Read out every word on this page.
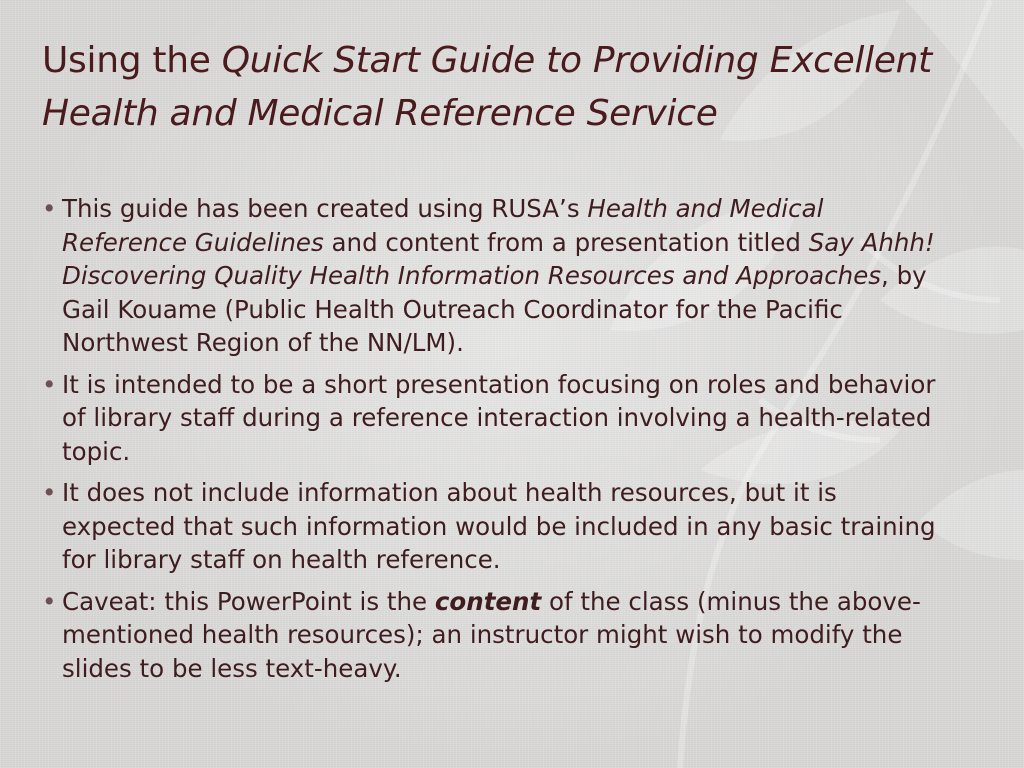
Using the Quick Start Guide to Providing Excellent Health and Medical Reference Service
• This guide has been created using RUSA’s Health and Medical Reference Guidelines and content from a presentation titled Say Ahhh! Discovering Quality Health Information Resources and Approaches, by Gail Kouame (Public Health Outreach Coordinator for the Pacific Northwest Region of the NN/LM).
• It is intended to be a short presentation focusing on roles and behavior of library staff during a reference interaction involving a health-related topic.
• It does not include information about health resources, but it is expected that such information would be included in any basic training for library staff on health reference.
• Caveat: this PowerPoint is the content of the class (minus the above-mentioned health resources); an instructor might wish to modify the slides to be less text-heavy.
